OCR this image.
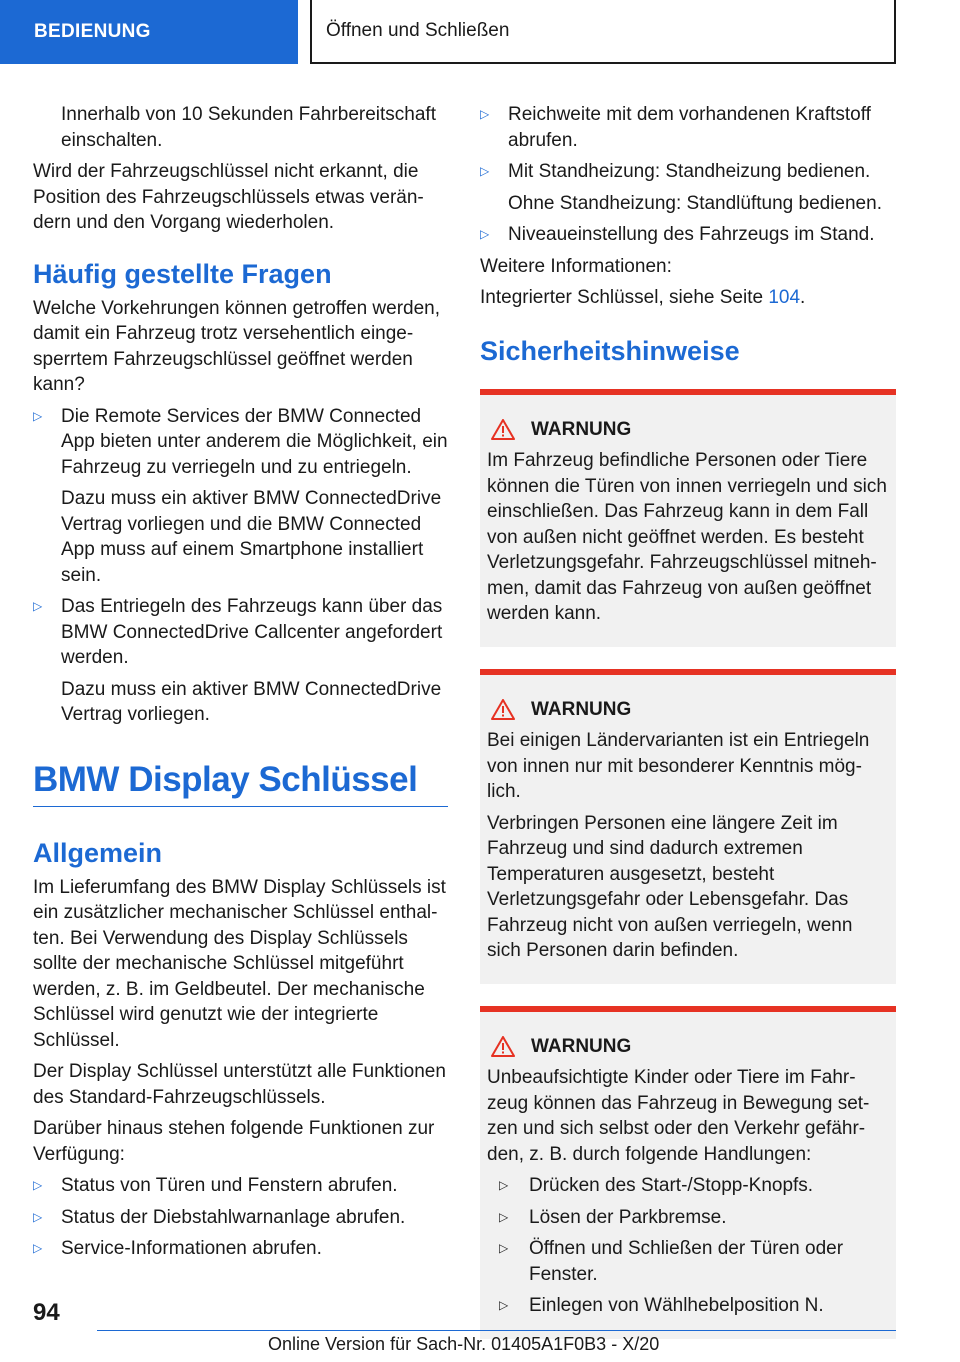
BEDIENUNG	Öffnen und Schließen

Innerhalb von 10 Sekunden Fahrbereitschaft einschalten.

Wird der Fahrzeugschlüssel nicht erkannt, die Position des Fahrzeugschlüssels etwas verändern und den Vorgang wiederholen.

Häufig gestellte Fragen

Welche Vorkehrungen können getroffen werden, damit ein Fahrzeug trotz versehentlich eingesperrtem Fahrzeugschlüssel geöffnet werden kann?

▷ Die Remote Services der BMW Connected App bieten unter anderem die Möglichkeit, ein Fahrzeug zu verriegeln und zu entriegeln.
Dazu muss ein aktiver BMW ConnectedDrive Vertrag vorliegen und die BMW Connected App muss auf einem Smartphone installiert sein.
▷ Das Entriegeln des Fahrzeugs kann über das BMW ConnectedDrive Callcenter angefordert werden.
Dazu muss ein aktiver BMW ConnectedDrive Vertrag vorliegen.
BMW Display Schlüssel
Allgemein

Im Lieferumfang des BMW Display Schlüssels ist ein zusätzlicher mechanischer Schlüssel enthalten. Bei Verwendung des Display Schlüssels sollte der mechanische Schlüssel mitgeführt werden, z. B. im Geldbeutel. Der mechanische Schlüssel wird genutzt wie der integrierte Schlüssel.

Der Display Schlüssel unterstützt alle Funktionen des Standard-Fahrzeugschlüssels.

Darüber hinaus stehen folgende Funktionen zur Verfügung:

▷ Status von Türen und Fenstern abrufen.
▷ Status der Diebstahlwarnanlage abrufen.
▷ Service-Informationen abrufen.
▷ Reichweite mit dem vorhandenen Kraftstoff abrufen.
▷ Mit Standheizung: Standheizung bedienen.
Ohne Standheizung: Standlüftung bedienen.
▷ Niveaueinstellung des Fahrzeugs im Stand.

Weitere Informationen:

Integrierter Schlüssel, siehe Seite 104.

Sicherheitshinweise
WARNUNG

Im Fahrzeug befindliche Personen oder Tiere können die Türen von innen verriegeln und sich einschließen. Das Fahrzeug kann in dem Fall von außen nicht geöffnet werden. Es besteht Verletzungsgefahr. Fahrzeugschlüssel mitnehmen, damit das Fahrzeug von außen geöffnet werden kann.

WARNUNG

Bei einigen Ländervarianten ist ein Entriegeln von innen nur mit besonderer Kenntnis möglich.

Verbringen Personen eine längere Zeit im Fahrzeug und sind dadurch extremen Temperaturen ausgesetzt, besteht Verletzungsgefahr oder Lebensgefahr. Das Fahrzeug nicht von außen verriegeln, wenn sich Personen darin befinden.

WARNUNG

Unbeaufsichtigte Kinder oder Tiere im Fahrzeug können das Fahrzeug in Bewegung setzen und sich selbst oder den Verkehr gefährden, z. B. durch folgende Handlungen:

▷ Drücken des Start-/Stopp-Knopfs.
▷ Lösen der Parkbremse.
▷ Öffnen und Schließen der Türen oder Fenster.
▷ Einlegen von Wählhebelposition N.
94
Online Version für Sach-Nr. 01405A1F0B3 - X/20
